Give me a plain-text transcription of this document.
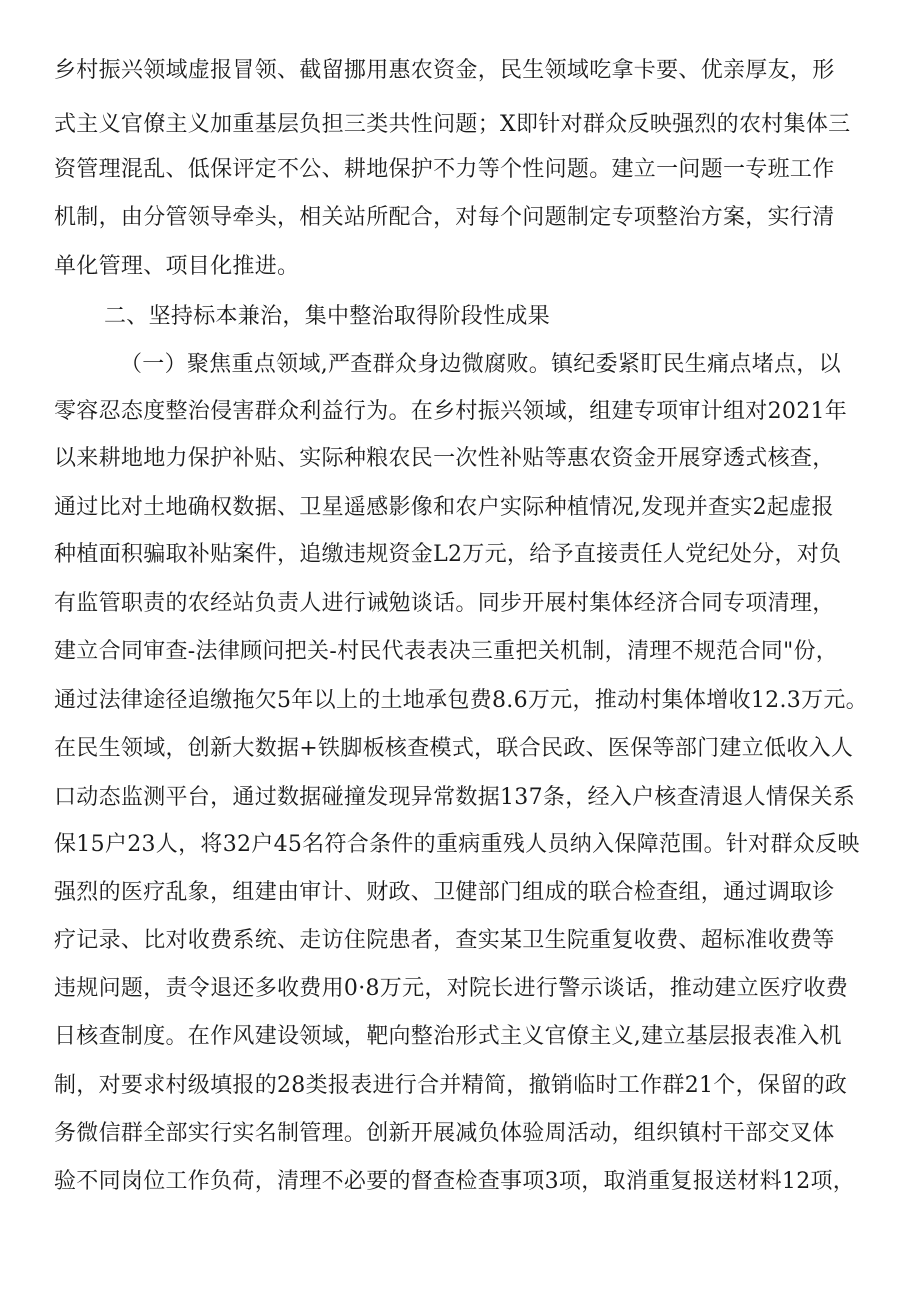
乡村振兴领域虚报冒领、截留挪用惠农资金，民生领域吃拿卡要、优亲厚友，形
式主义官僚主义加重基层负担三类共性问题；X即针对群众反映强烈的农村集体三
资管理混乱、低保评定不公、耕地保护不力等个性问题。建立一问题一专班工作
机制，由分管领导牵头，相关站所配合，对每个问题制定专项整治方案，实行清
单化管理、项目化推进。
二、坚持标本兼治，集中整治取得阶段性成果
（一）聚焦重点领域,严查群众身边微腐败。镇纪委紧盯民生痛点堵点，以
零容忍态度整治侵害群众利益行为。在乡村振兴领域，组建专项审计组对2021年
以来耕地地力保护补贴、实际种粮农民一次性补贴等惠农资金开展穿透式核查，
通过比对土地确权数据、卫星遥感影像和农户实际种植情况,发现并查实2起虚报
种植面积骗取补贴案件，追缴违规资金L2万元，给予直接责任人党纪处分，对负
有监管职责的农经站负责人进行诫勉谈话。同步开展村集体经济合同专项清理，
建立合同审查-法律顾问把关-村民代表表决三重把关机制，清理不规范合同"份，
通过法律途径追缴拖欠5年以上的土地承包费8.6万元，推动村集体增收12.3万元。
在民生领域，创新大数据+铁脚板核查模式，联合民政、医保等部门建立低收入人
口动态监测平台，通过数据碰撞发现异常数据137条，经入户核查清退人情保关系
保15户23人，将32户45名符合条件的重病重残人员纳入保障范围。针对群众反映
强烈的医疗乱象，组建由审计、财政、卫健部门组成的联合检查组，通过调取诊
疗记录、比对收费系统、走访住院患者，查实某卫生院重复收费、超标准收费等
违规问题，责令退还多收费用0·8万元，对院长进行警示谈话，推动建立医疗收费
日核查制度。在作风建设领域，靶向整治形式主义官僚主义,建立基层报表准入机
制，对要求村级填报的28类报表进行合并精简，撤销临时工作群21个，保留的政
务微信群全部实行实名制管理。创新开展减负体验周活动，组织镇村干部交叉体
验不同岗位工作负荷，清理不必要的督查检查事项3项，取消重复报送材料12项，
